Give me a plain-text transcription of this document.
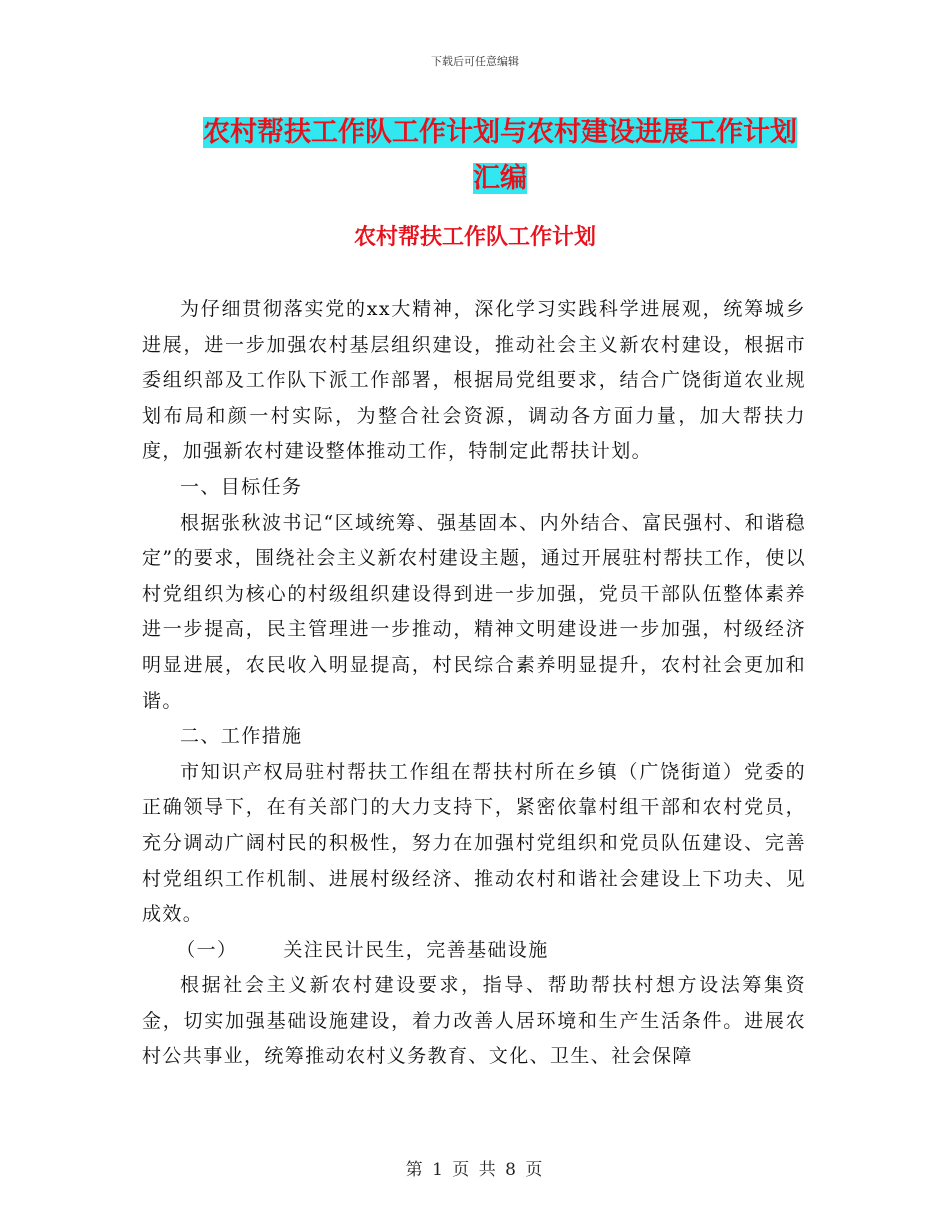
下载后可任意编辑
农村帮扶工作队工作计划与农村建设进展工作计划汇编
农村帮扶工作队工作计划

为仔细贯彻落实党的xx大精神，深化学习实践科学进展观，统筹城乡进展，进一步加强农村基层组织建设，推动社会主义新农村建设，根据市委组织部及工作队下派工作部署，根据局党组要求，结合广饶街道农业规划布局和颜一村实际，为整合社会资源，调动各方面力量，加大帮扶力度，加强新农村建设整体推动工作，特制定此帮扶计划。

一、目标任务

根据张秋波书记“区域统筹、强基固本、内外结合、富民强村、和谐稳定”的要求，围绕社会主义新农村建设主题，通过开展驻村帮扶工作，使以村党组织为核心的村级组织建设得到进一步加强，党员干部队伍整体素养进一步提高，民主管理进一步推动，精神文明建设进一步加强，村级经济明显进展，农民收入明显提高，村民综合素养明显提升，农村社会更加和谐。

二、工作措施

市知识产权局驻村帮扶工作组在帮扶村所在乡镇（广饶街道）党委的正确领导下，在有关部门的大力支持下，紧密依靠村组干部和农村党员，充分调动广阔村民的积极性，努力在加强村党组织和党员队伍建设、完善村党组织工作机制、进展村级经济、推动农村和谐社会建设上下功夫、见成效。

（一） 关注民计民生，完善基础设施

根据社会主义新农村建设要求，指导、帮助帮扶村想方设法筹集资金，切实加强基础设施建设，着力改善人居环境和生产生活条件。进展农村公共事业，统筹推动农村义务教育、文化、卫生、社会保障

第 1 页 共 8 页
